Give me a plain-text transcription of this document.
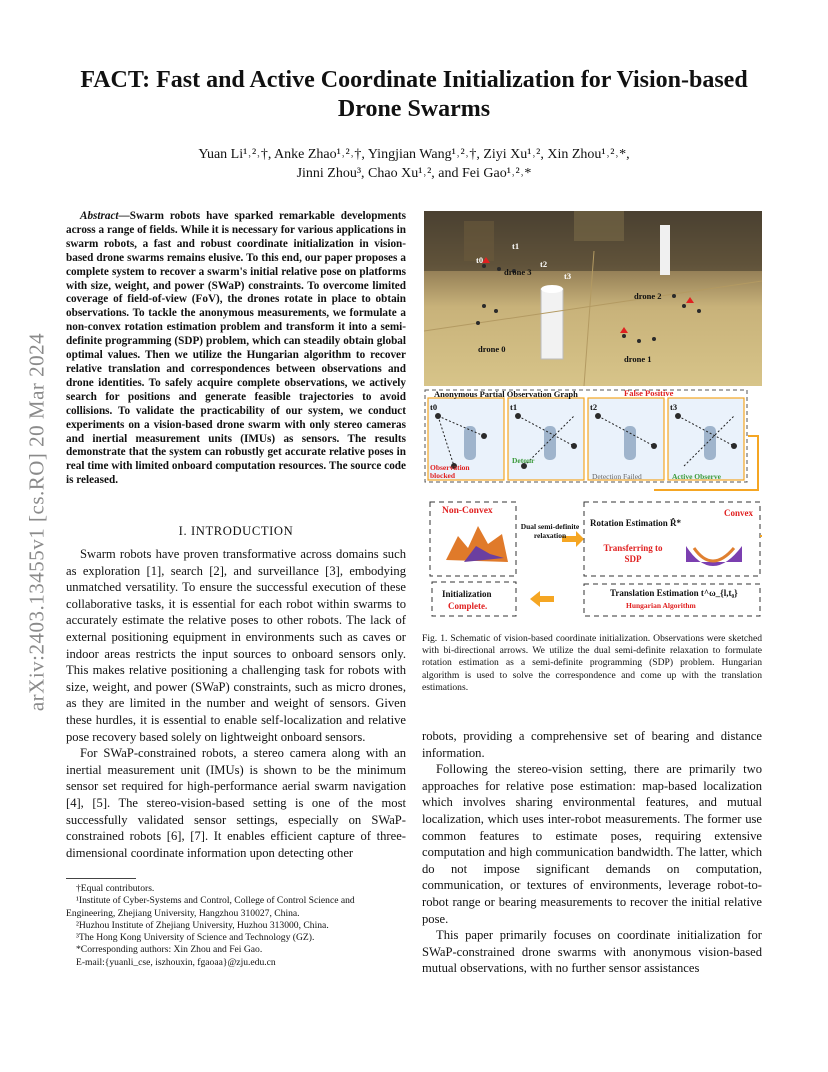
arXiv:2403.13455v1 [cs.RO] 20 Mar 2024
FACT: Fast and Active Coordinate Initialization for Vision-based Drone Swarms
Yuan Li¹˒²˒†, Anke Zhao¹˒²˒†, Yingjian Wang¹˒²˒†, Ziyi Xu¹˒², Xin Zhou¹˒²˒*,
Jinni Zhou³, Chao Xu¹˒², and Fei Gao¹˒²˒*
Abstract—Swarm robots have sparked remarkable developments across a range of fields. While it is necessary for various applications in swarm robots, a fast and robust coordinate initialization in vision-based drone swarms remains elusive. To this end, our paper proposes a complete system to recover a swarm's initial relative pose on platforms with size, weight, and power (SWaP) constraints. To overcome limited coverage of field-of-view (FoV), the drones rotate in place to obtain observations. To tackle the anonymous measurements, we formulate a non-convex rotation estimation problem and transform it into a semi-definite programming (SDP) problem, which can steadily obtain global optimal values. Then we utilize the Hungarian algorithm to recover relative translation and correspondences between observations and drone identities. To safely acquire complete observations, we actively search for positions and generate feasible trajectories to avoid collisions. To validate the practicability of our system, we conduct experiments on a vision-based drone swarm with only stereo cameras and inertial measurement units (IMUs) as sensors. The results demonstrate that the system can robustly get accurate relative poses in real time with limited onboard computation resources. The source code is released.
I. INTRODUCTION

Swarm robots have proven transformative across domains such as exploration [1], search [2], and surveillance [3], embodying unmatched versatility. To ensure the successful execution of these collaborative tasks, it is essential for each robot within swarms to accurately estimate the relative poses to other robots. The lack of external positioning equipment in environments such as caves or indoor areas restricts the input sources to onboard sensors only. This makes relative positioning a challenging task for robots with size, weight, and power (SWaP) constraints, such as micro drones, as they are limited in the number and weight of sensors. Given these hurdles, it is essential to enable self-localization and relative pose recovery based solely on lightweight onboard sensors.

For SWaP-constrained robots, a stereo camera along with an inertial measurement unit (IMUs) is shown to be the minimum sensor set required for high-performance aerial swarm navigation [4], [5]. The stereo-vision-based setting is one of the most successfully validated sensor settings, especially on SWaP-constrained robots [6], [7]. It enables efficient capture of three-dimensional coordinate information upon detecting other

†Equal contributors.

¹Institute of Cyber-Systems and Control, College of Control Science and Engineering, Zhejiang University, Hangzhou 310027, China.

²Huzhou Institute of Zhejiang University, Huzhou 313000, China.

³The Hong Kong University of Science and Technology (GZ).

*Corresponding authors: Xin Zhou and Fei Gao.

E-mail:{yuanli_cse, iszhouxin, fgaoaa}@zju.edu.cn

drone 3
drone 2
drone 0
drone 1
t1
t2
t3
t0
Anonymous Partial Observation Graph	False Positive
t0	t1	t2	t3
Observation blocked
Detour
Detection Failed	Active Observe
Non-Convex
Dual semi-definite relaxation
Rotation Estimation R̂*
Convex
Transferring to SDP
Initialization
Complete.
Translation Estimation t^ω_{l,t₀}
Hungarian Algorithm
Fig. 1. Schematic of vision-based coordinate initialization. Observations were sketched with bi-directional arrows. We utilize the dual semi-definite relaxation to formulate rotation estimation as a semi-definite programming (SDP) problem. Hungarian algorithm is used to solve the correspondence and come up with the translation estimations.

robots, providing a comprehensive set of bearing and distance information.

Following the stereo-vision setting, there are primarily two approaches for relative pose estimation: map-based localization which involves sharing environmental features, and mutual localization, which uses inter-robot measurements. The former use common features to estimate poses, requiring extensive computation and high communication bandwidth. The latter, which do not impose significant demands on computation, communication, or textures of environments, leverage robot-to-robot range or bearing measurements to recover the initial relative pose.

This paper primarily focuses on coordinate initialization for SWaP-constrained drone swarms with anonymous vision-based mutual observations, with no further sensor assistances
